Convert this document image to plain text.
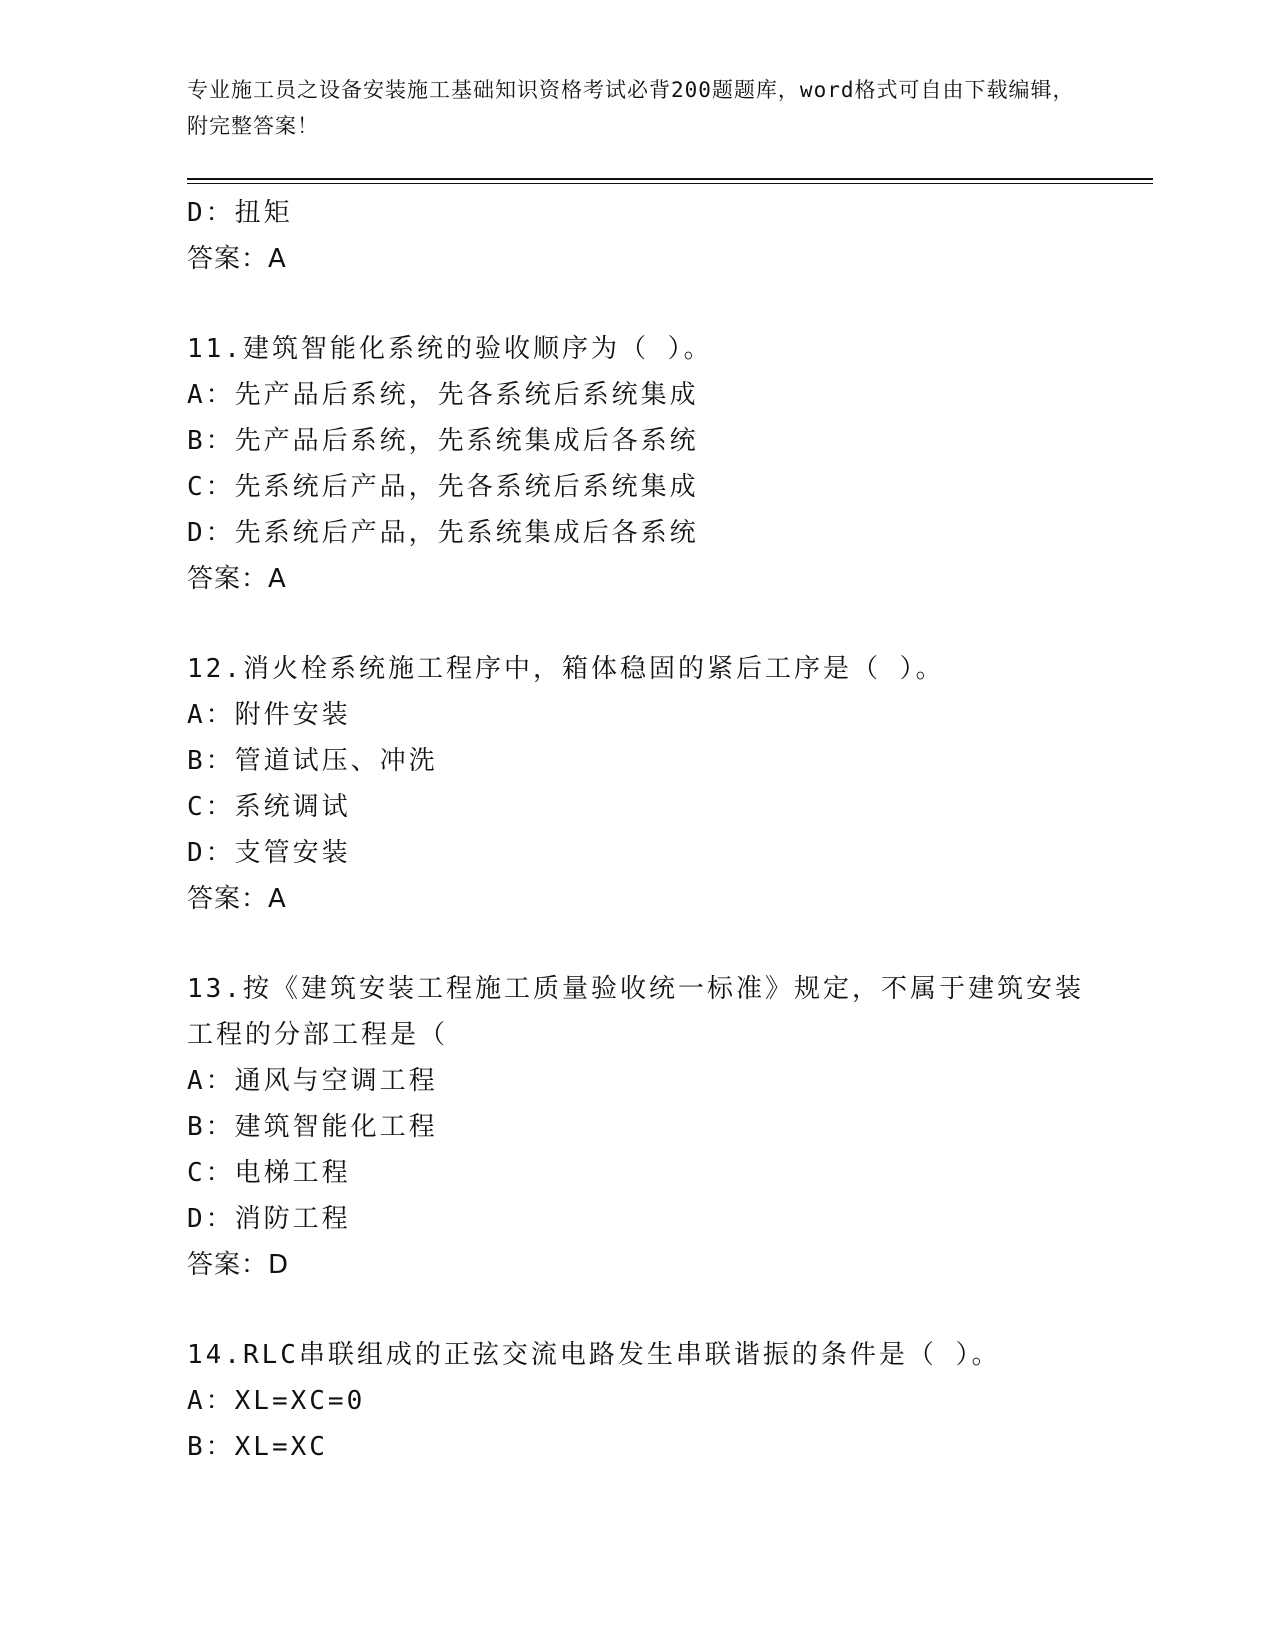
专业施工员之设备安装施工基础知识资格考试必背200题题库，word格式可自由下载编辑，附完整答案！
D：扭矩
答案：A
11.建筑智能化系统的验收顺序为（ ）。
A：先产品后系统，先各系统后系统集成
B：先产品后系统，先系统集成后各系统
C：先系统后产品，先各系统后系统集成
D：先系统后产品，先系统集成后各系统
答案：A
12.消火栓系统施工程序中，箱体稳固的紧后工序是（ ）。
A：附件安装
B：管道试压、冲洗
C：系统调试
D：支管安装
答案：A
13.按《建筑安装工程施工质量验收统一标准》规定，不属于建筑安装
工程的分部工程是（
A：通风与空调工程
B：建筑智能化工程
C：电梯工程
D：消防工程
答案：D
14.RLC串联组成的正弦交流电路发生串联谐振的条件是（ ）。
A：XL=XC=0
B：XL=XC
